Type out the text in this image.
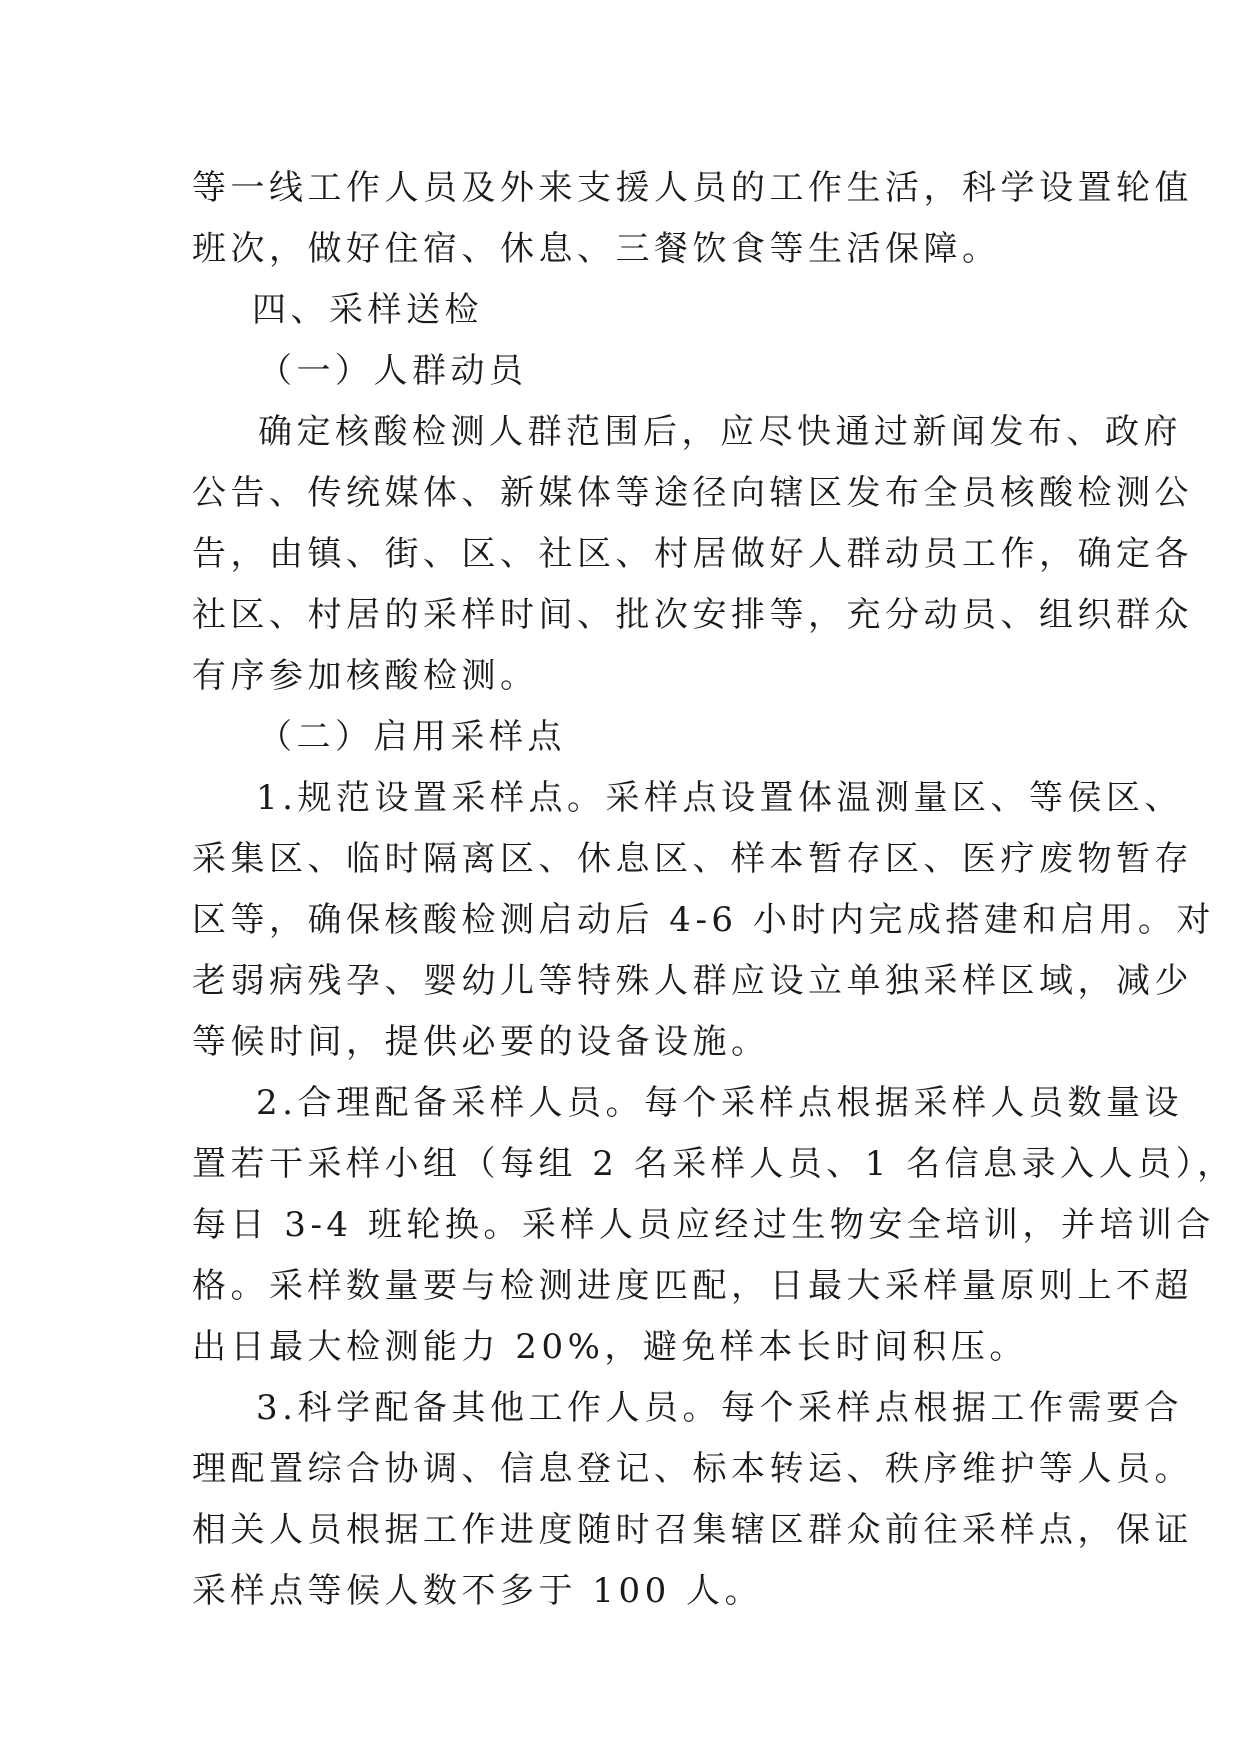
等一线工作人员及外来支援人员的工作生活，科学设置轮值
班次，做好住宿、休息、三餐饮食等生活保障。
四、采样送检
（一）人群动员
确定核酸检测人群范围后，应尽快通过新闻发布、政府
公告、传统媒体、新媒体等途径向辖区发布全员核酸检测公
告，由镇、街、区、社区、村居做好人群动员工作，确定各
社区、村居的采样时间、批次安排等，充分动员、组织群众
有序参加核酸检测。
（二）启用采样点
1.规范设置采样点。采样点设置体温测量区、等侯区、
采集区、临时隔离区、休息区、样本暂存区、医疗废物暂存
区等，确保核酸检测启动后 4-6 小时内完成搭建和启用。对
老弱病残孕、婴幼儿等特殊人群应设立单独采样区域，减少
等候时间，提供必要的设备设施。
2.合理配备采样人员。每个采样点根据采样人员数量设
置若干采样小组（每组 2 名采样人员、1 名信息录入人员），
每日 3-4 班轮换。采样人员应经过生物安全培训，并培训合
格。采样数量要与检测进度匹配，日最大采样量原则上不超
出日最大检测能力 20%，避免样本长时间积压。
3.科学配备其他工作人员。每个采样点根据工作需要合
理配置综合协调、信息登记、标本转运、秩序维护等人员。
相关人员根据工作进度随时召集辖区群众前往采样点，保证
采样点等候人数不多于 100 人。
